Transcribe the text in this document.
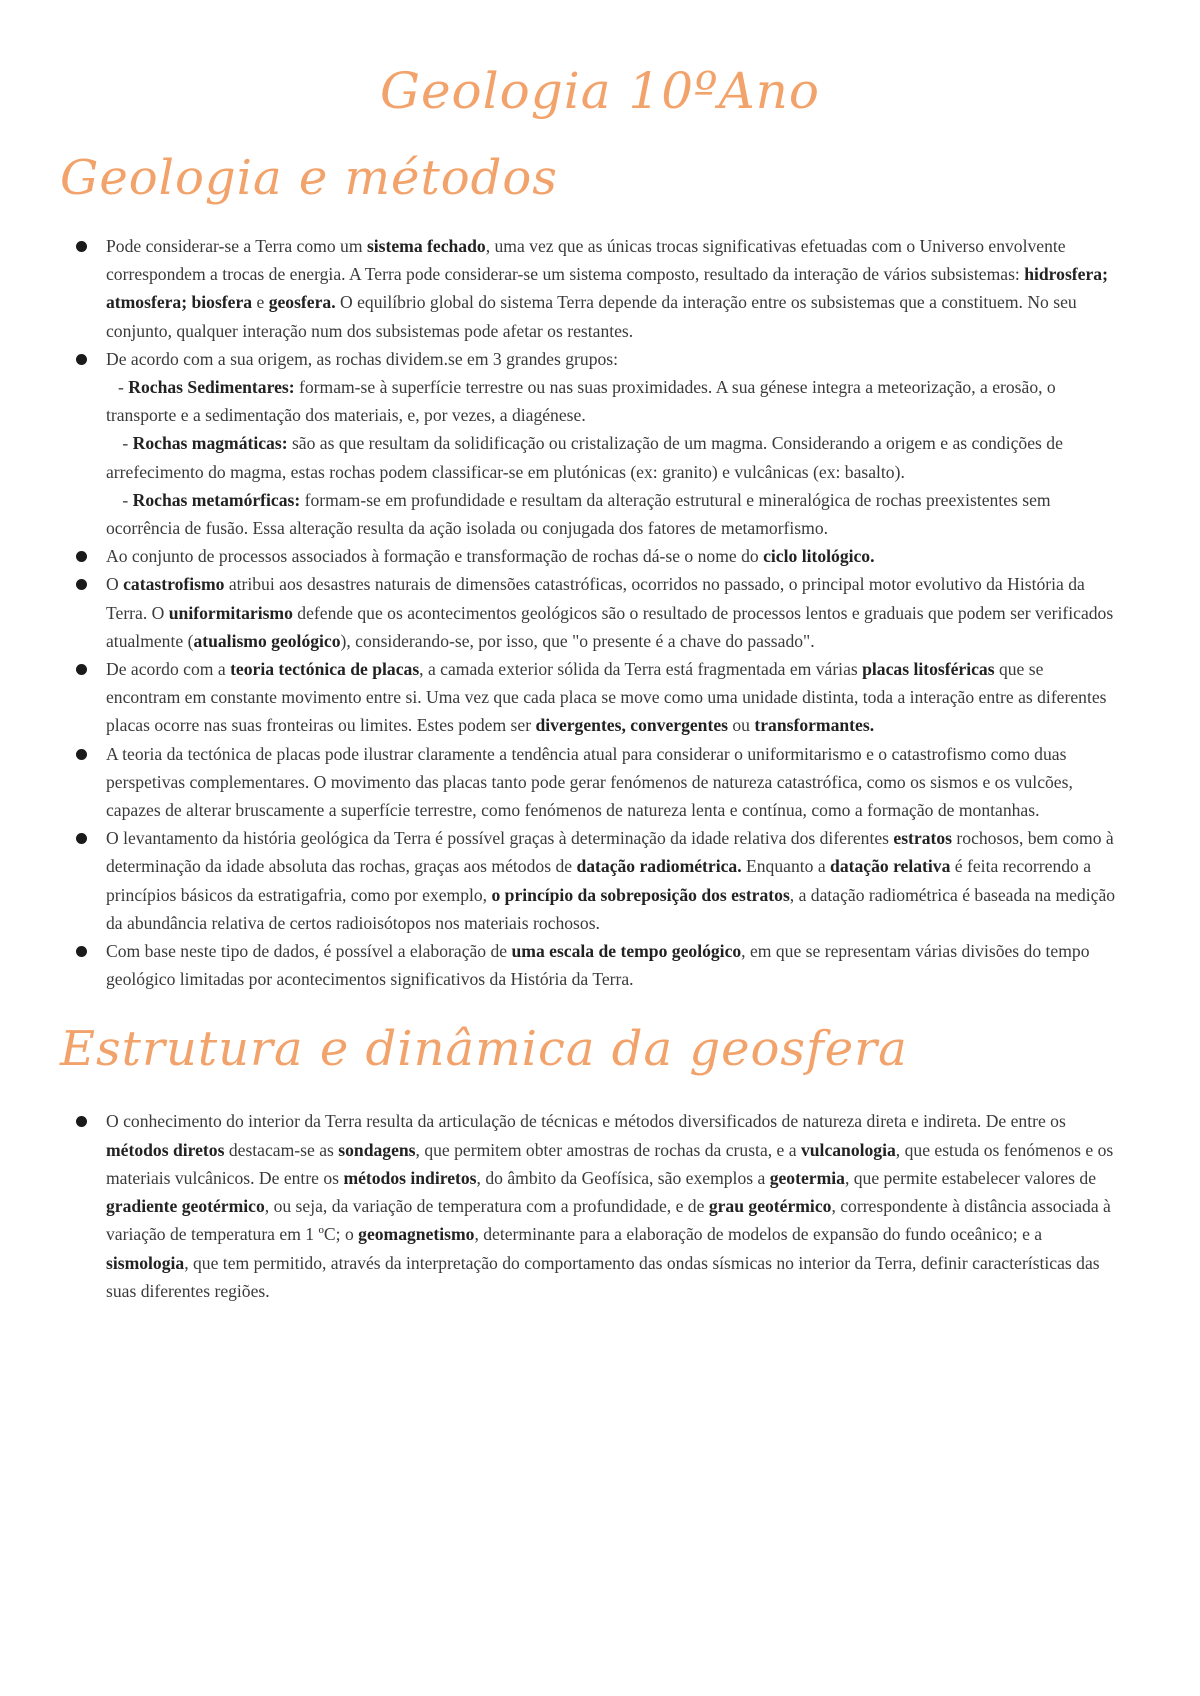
Geologia 10ºAno
Geologia e métodos
Pode considerar-se a Terra como um sistema fechado, uma vez que as únicas trocas significativas efetuadas com o Universo envolvente correspondem a trocas de energia. A Terra pode considerar-se um sistema composto, resultado da interação de vários subsistemas: hidrosfera; atmosfera; biosfera e geosfera. O equilíbrio global do sistema Terra depende da interação entre os subsistemas que a constituem. No seu conjunto, qualquer interação num dos subsistemas pode afetar os restantes.
De acordo com a sua origem, as rochas dividem.se em 3 grandes grupos:
- Rochas Sedimentares: formam-se à superfície terrestre ou nas suas proximidades. A sua génese integra a meteorização, a erosão, o transporte e a sedimentação dos materiais, e, por vezes, a diagénese.
- Rochas magmáticas: são as que resultam da solidificação ou cristalização de um magma. Considerando a origem e as condições de arrefecimento do magma, estas rochas podem classificar-se em plutónicas (ex: granito) e vulcânicas (ex: basalto).
- Rochas metamórficas: formam-se em profundidade e resultam da alteração estrutural e mineralógica de rochas preexistentes sem ocorrência de fusão. Essa alteração resulta da ação isolada ou conjugada dos fatores de metamorfismo.
Ao conjunto de processos associados à formação e transformação de rochas dá-se o nome do ciclo litológico.
O catastrofismo atribui aos desastres naturais de dimensões catastróficas, ocorridos no passado, o principal motor evolutivo da História da Terra. O uniformitarismo defende que os acontecimentos geológicos são o resultado de processos lentos e graduais que podem ser verificados atualmente (atualismo geológico), considerando-se, por isso, que "o presente é a chave do passado".
De acordo com a teoria tectónica de placas, a camada exterior sólida da Terra está fragmentada em várias placas litosféricas que se encontram em constante movimento entre si. Uma vez que cada placa se move como uma unidade distinta, toda a interação entre as diferentes placas ocorre nas suas fronteiras ou limites. Estes podem ser divergentes, convergentes ou transformantes.
A teoria da tectónica de placas pode ilustrar claramente a tendência atual para considerar o uniformitarismo e o catastrofismo como duas perspetivas complementares. O movimento das placas tanto pode gerar fenómenos de natureza catastrófica, como os sismos e os vulcões, capazes de alterar bruscamente a superfície terrestre, como fenómenos de natureza lenta e contínua, como a formação de montanhas.
O levantamento da história geológica da Terra é possível graças à determinação da idade relativa dos diferentes estratos rochosos, bem como à determinação da idade absoluta das rochas, graças aos métodos de datação radiométrica. Enquanto a datação relativa é feita recorrendo a princípios básicos da estratigafria, como por exemplo, o princípio da sobreposição dos estratos, a datação radiométrica é baseada na medição da abundância relativa de certos radioisótopos nos materiais rochosos.
Com base neste tipo de dados, é possível a elaboração de uma escala de tempo geológico, em que se representam várias divisões do tempo geológico limitadas por acontecimentos significativos da História da Terra.
Estrutura e dinâmica da geosfera
O conhecimento do interior da Terra resulta da articulação de técnicas e métodos diversificados de natureza direta e indireta. De entre os métodos diretos destacam-se as sondagens, que permitem obter amostras de rochas da crusta, e a vulcanologia, que estuda os fenómenos e os materiais vulcânicos. De entre os métodos indiretos, do âmbito da Geofísica, são exemplos a geotermia, que permite estabelecer valores de gradiente geotérmico, ou seja, da variação de temperatura com a profundidade, e de grau geotérmico, correspondente à distância associada à variação de temperatura em 1 ºC; o geomagnetismo, determinante para a elaboração de modelos de expansão do fundo oceânico; e a sismologia, que tem permitido, através da interpretação do comportamento das ondas sísmicas no interior da Terra, definir características das suas diferentes regiões.
